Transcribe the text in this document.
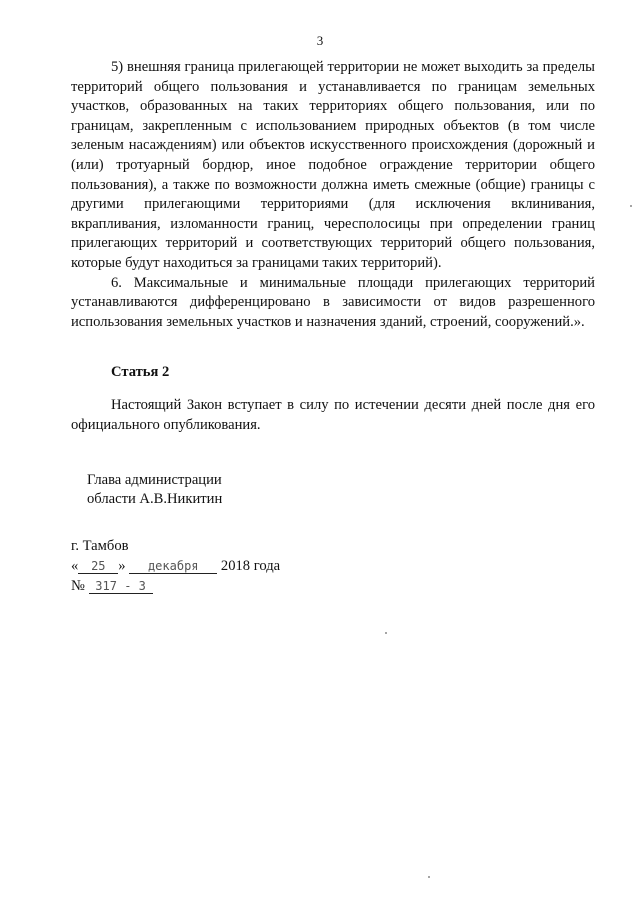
3

5) внешняя граница прилегающей территории не может выходить за пределы территорий общего пользования и устанавливается по границам земельных участков, образованных на таких территориях общего пользования, или по границам, закрепленным с использованием природных объектов (в том числе зеленым насаждениям) или объектов искусственного происхождения (дорожный и (или) тротуарный бордюр, иное подобное ограждение территории общего пользования), а также по возможности должна иметь смежные (общие) границы с другими прилегающими территориями (для исключения вклинивания, вкрапливания, изломанности границ, чересполосицы при определении границ прилегающих территорий и соответствующих территорий общего пользования, которые будут находиться за границами таких территорий).

6. Максимальные и минимальные площади прилегающих территорий устанавливаются дифференцировано в зависимости от видов разрешенного использования земельных участков и назначения зданий, строений, сооружений.».

Статья 2
Настоящий Закон вступает в силу по истечении десяти дней после дня его официального опубликования.
Глава администрации
области А.В.Никитин
г. Тамбов
« 25 » декабря 2018 года
№ 317 - З
